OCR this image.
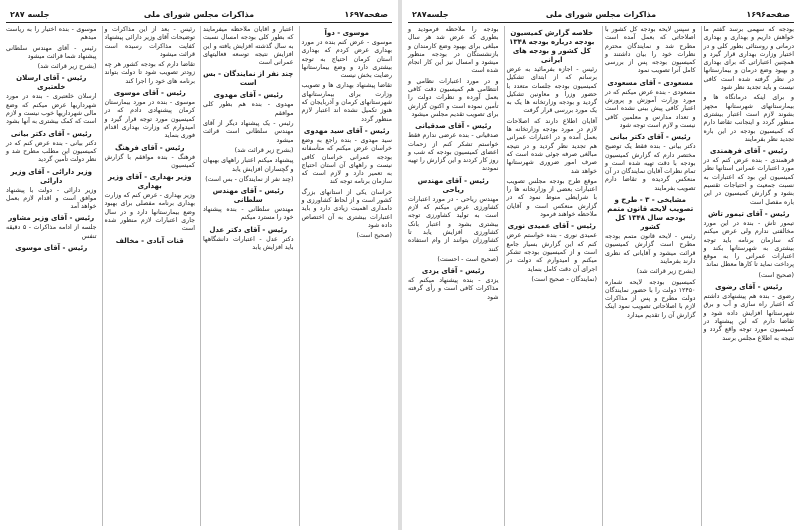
صفحه۱۶۹۶
مذاکرات مجلس شورای ملی
جلسه۲۸۷

بودجه که سهمی برسد گفتم ما خواهش داریم و بهداری و بهداری درمانی و روستائی بطور کلی و در اختیار وزارت بهداری قرار گیرد و همچنین اعتباراتی که برای بهداری و بهبود وضع درمان و بیمارستانها در نظر گرفته شده است کافی نیست و باید تجدید نظر شود

و برای اینکه درمانگاه ها و بیمارستانهای شهرستانها مجهز بشوند لازم است اعتبار بیشتری منظور گردد و اینجانب تقاضا دارم که کمیسیون بودجه در این باره تجدید نظر بفرمایند

رئیس - آقای فرهمندی

فرهمندی - بنده عرض کنم که در مورد اعتبارات عمرانی استانها نظر کمیسیون این بود که اعتبارات به نسبت جمعیت و احتیاجات تقسیم بشود و گزارش کمیسیون در این باره مفصل است

رئیس - آقای تیمور تاش

تیمور تاش - بنده در این مورد مخالفتی ندارم ولی عرض میکنم که سازمان برنامه باید توجه بیشتری به شهرستانها بکند و اعتبارات عمرانی را به موقع پرداخت نماید تا کارها معطل نماند

(صحیح است)

رئیس - آقای رضوی

رضوی - بنده هم پیشنهادی داشتم که اعتبار راه سازی و آب و برق شهرستانها افزایش داده شود و تقاضا دارم که این پیشنهاد در کمیسیون مورد توجه واقع گردد و نتیجه به اطلاع مجلس برسد

و سپس لایحه بودجه کل کشور با اصلاحاتی که بعمل آمده است مطرح شد و نمایندگان محترم نظرات خود را بیان داشتند و کمیسیون بودجه پس از بررسی کامل آنرا تصویب نمود

مسعودی - آقای مسعودی

مسعودی - بنده عرض میکنم که در مورد وزارت آموزش و پرورش اعتبار کافی پیش بینی نشده است و تعداد مدارس و معلمین کافی نیست و لازم است توجه شود

رئیس - آقای دکتر بیانی

دکتر بیانی - بنده فقط یک توضیح مختصر دارم که گزارش کمیسیون بودجه با دقت تهیه شده است و تمام نظرات آقایان نمایندگان در آن منعکس گردیده و تقاضا دارم تصویب بفرمایند

مشایخی - ۳ - طرح و تصویب لایحه قانون متمم بودجه سال ۱۳۴۸ کل کشور

رئیس - لایحه قانون متمم بودجه مطرح است گزارش کمیسیون قرائت میشود و آقایانی که نظری دارند بفرمایند

(بشرح زیر قرائت شد)

کمیسیون بودجه لایحه شماره ۱۲۴۵۰ دولت را با حضور نمایندگان دولت مطرح و پس از مذاکرات لازم با اصلاحاتی تصویب نمود اینک گزارش آن را تقدیم میدارد

خلاصه گزارش کمیسیون بودجه درباره بودجه ۱۳۴۸ کل کشور و بودجه های ایرانی

رئیس - اجازه بفرمائید به عرض برسانم که از ابتدای تشکیل کمیسیون بودجه جلسات متعدد با حضور وزرا و معاونین تشکیل گردید و بودجه وزارتخانه ها یک به یک مورد بررسی قرار گرفت

آقایان اطلاع دارند که اصلاحات لازم در مورد بودجه وزارتخانه ها بعمل آمده و در اعتبارات عمرانی هم تجدید نظر گردید و در نتیجه مبالغی صرفه جوئی شده است که صرف امور ضروری شهرستانها خواهد شد

موقع طرح بودجه مجلس تصویب اعتبارات بعضی از وزارتخانه ها را با شرایطی منوط نمود که در گزارش منعکس است و آقایان ملاحظه خواهند فرمود

رئیس - آقای عمیدی نوری

عمیدی نوری - بنده خواستم عرض کنم که این گزارش بسیار جامع است و از کمیسیون بودجه تشکر میکنم و امیدوارم که دولت در اجرای آن دقت کامل بنماید

(نمایندگان - صحیح است)

بودجه را ملاحظه فرمودید و بطوری که عرض شد هر سال مبلغی برای بهبود وضع کارمندان و بازنشستگان در بودجه منظور میشود و امسال نیز این کار انجام شده است

و در مورد اعتبارات نظامی و انتظامی هم کمیسیون دقت کافی بعمل آورده و نظرات دولت را تأمین نموده است و اکنون گزارش برای تصویب تقدیم مجلس میشود

رئیس - آقای صدقیانی

صدقیانی - بنده عرضی ندارم فقط خواستم تشکر کنم از زحمات اعضای کمیسیون بودجه که شب و روز کار کردند و این گزارش را تهیه نمودند

رئیس - آقای مهندس ریاحی

مهندس ریاحی - در مورد اعتبارات کشاورزی عرض میکنم که لازم است به تولید کشاورزی توجه بیشتری بشود و اعتبار بانک کشاورزی افزایش یابد تا کشاورزان بتوانند از وام استفاده کنند

(صحیح است - احسنت)

رئیس - آقای یزدی

یزدی - بنده پیشنهاد میکنم که مذاکرات کافی است و رأی گرفته شود

صفحه۱۶۹۷
مذاکرات مجلس شورای ملی
جلسه ۲۸۷
موسوی - دوآ

موسوی - عرض کنم بنده در مورد بهداری عرض کردم که بهداری استان کرمان احتیاج به توجه بیشتری دارد و وضع بیمارستانها رضایت بخش نیست

تقاضا پیشنهاد بهداری ها و تصویب وزارت برای بیمارستانهای شهرستانهای کرمان و آذربایجان که هنوز تکمیل نشده اند اعتبار لازم منظور گردد

رئیس - آقای سید مهدوی

سید مهدوی - بنده راجع به وضع خراسان عرض میکنم که متأسفانه بودجه عمرانی خراسان کافی نیست و راههای آن استان احتیاج به تعمیر دارد و لازم است که سازمان برنامه توجه کند

خراسان یکی از استانهای بزرگ کشور است و از لحاظ کشاورزی و دامداری اهمیت زیادی دارد و باید اعتبارات بیشتری به آن اختصاص داده شود

(صحیح است)

اعتبار و آقایان ملاحظه میفرمایند که بطور کلی بودجه امسال نسبت به سال گذشته افزایش یافته و این افزایش نتیجه توسعه فعالیتهای عمرانی است

چند نفر از نمایندگان - بس است
رئیس - آقای مهدوی

مهدوی - بنده هم بطور کلی موافقم

رئیس - یک پیشنهاد دیگر از آقای مهندس سلطانی است قرائت میشود

(بشرح زیر قرائت شد)

پیشنهاد میکنم اعتبار راههای بهبهان و گچساران افزایش یابد

(چند نفر از نمایندگان - بس است)

رئیس - آقای مهندس سلطانی

مهندس سلطانی - بنده پیشنهاد خود را مسترد میکنم

رئیس - آقای دکتر عدل

دکتر عدل - اعتبارات دانشگاهها باید افزایش یابد

رئیس - بعد از این مذاکرات و توضیحات آقای وزیر دارائی پیشنهاد کفایت مذاکرات رسیده است قرائت میشود

تقاضا دارم که بودجه کشور هر چه زودتر تصویب شود تا دولت بتواند برنامه های خود را اجرا کند

رئیس - آقای موسوی

موسوی - بنده در مورد بیمارستان کرمان پیشنهادی دادم که در کمیسیون مورد توجه قرار گیرد و امیدوارم که وزارت بهداری اقدام فوری بنماید

رئیس - آقای فرهنگ

فرهنگ - بنده موافقم با گزارش کمیسیون

وزیر بهداری - آقای وزیر بهداری

وزیر بهداری - عرض کنم که وزارت بهداری برنامه مفصلی برای بهبود وضع بیمارستانها دارد و در سال جاری اعتبارات لازم منظور شده است

قنات آبادی - مخالف

موسوی - بنده اختیار را به ریاست میدهم

رئیس - آقای مهندس سلطانی پیشنهاد شما قرائت میشود

(بشرح زیر قرائت شد)

رئیس - آقای ارسلان خلعتبری

ارسلان خلعتبری - بنده در مورد شهرداریها عرض میکنم که وضع مالی شهرداریها خوب نیست و لازم است که کمک بیشتری به آنها بشود

رئیس - آقای دکتر بیانی

دکتر بیانی - بنده عرض کنم که در کمیسیون این مطلب مطرح شد و نظر دولت تأمین گردید

وزیر دارائی - آقای وزیر دارائی

وزیر دارائی - دولت با پیشنهاد موافق است و اقدام لازم بعمل خواهد آمد

رئیس - آقای وزیر مشاور

جلسه از ادامه مذاکرات - ۵ دقیقه تنفس

رئیس - آقای موسوی
